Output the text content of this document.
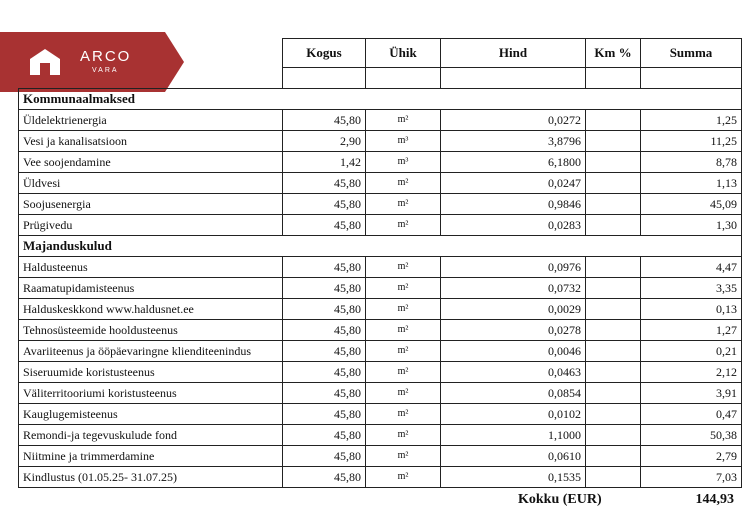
ARCO
VARA
	Kogus	Ühik	Hind	Km %	Summa

Kommunaalmaksed					
Üldelektrienergia	45,80	m²	0,0272		1,25
Vesi ja kanalisatsioon	2,90	m³	3,8796		11,25
Vee soojendamine	1,42	m³	6,1800		8,78
Üldvesi	45,80	m²	0,0247		1,13
Soojusenergia	45,80	m²	0,9846		45,09
Prügivedu	45,80	m²	0,0283		1,30
Majanduskulud					
Haldusteenus	45,80	m²	0,0976		4,47
Raamatupidamisteenus	45,80	m²	0,0732		3,35
Halduskeskkond www.haldusnet.ee	45,80	m²	0,0029		0,13
Tehnosüsteemide hooldusteenus	45,80	m²	0,0278		1,27
Avariiteenus ja ööpäevaringne klienditeenindus	45,80	m²	0,0046		0,21
Siseruumide koristusteenus	45,80	m²	0,0463		2,12
Väliterritooriumi koristusteenus	45,80	m²	0,0854		3,91
Kauglugemisteenus	45,80	m²	0,0102		0,47
Remondi-ja tegevuskulude fond	45,80	m²	1,1000		50,38
Niitmine ja trimmerdamine	45,80	m²	0,0610		2,79
Kindlustus (01.05.25- 31.07.25)	45,80	m²	0,1535		7,03
Kokku (EUR)	144,93
